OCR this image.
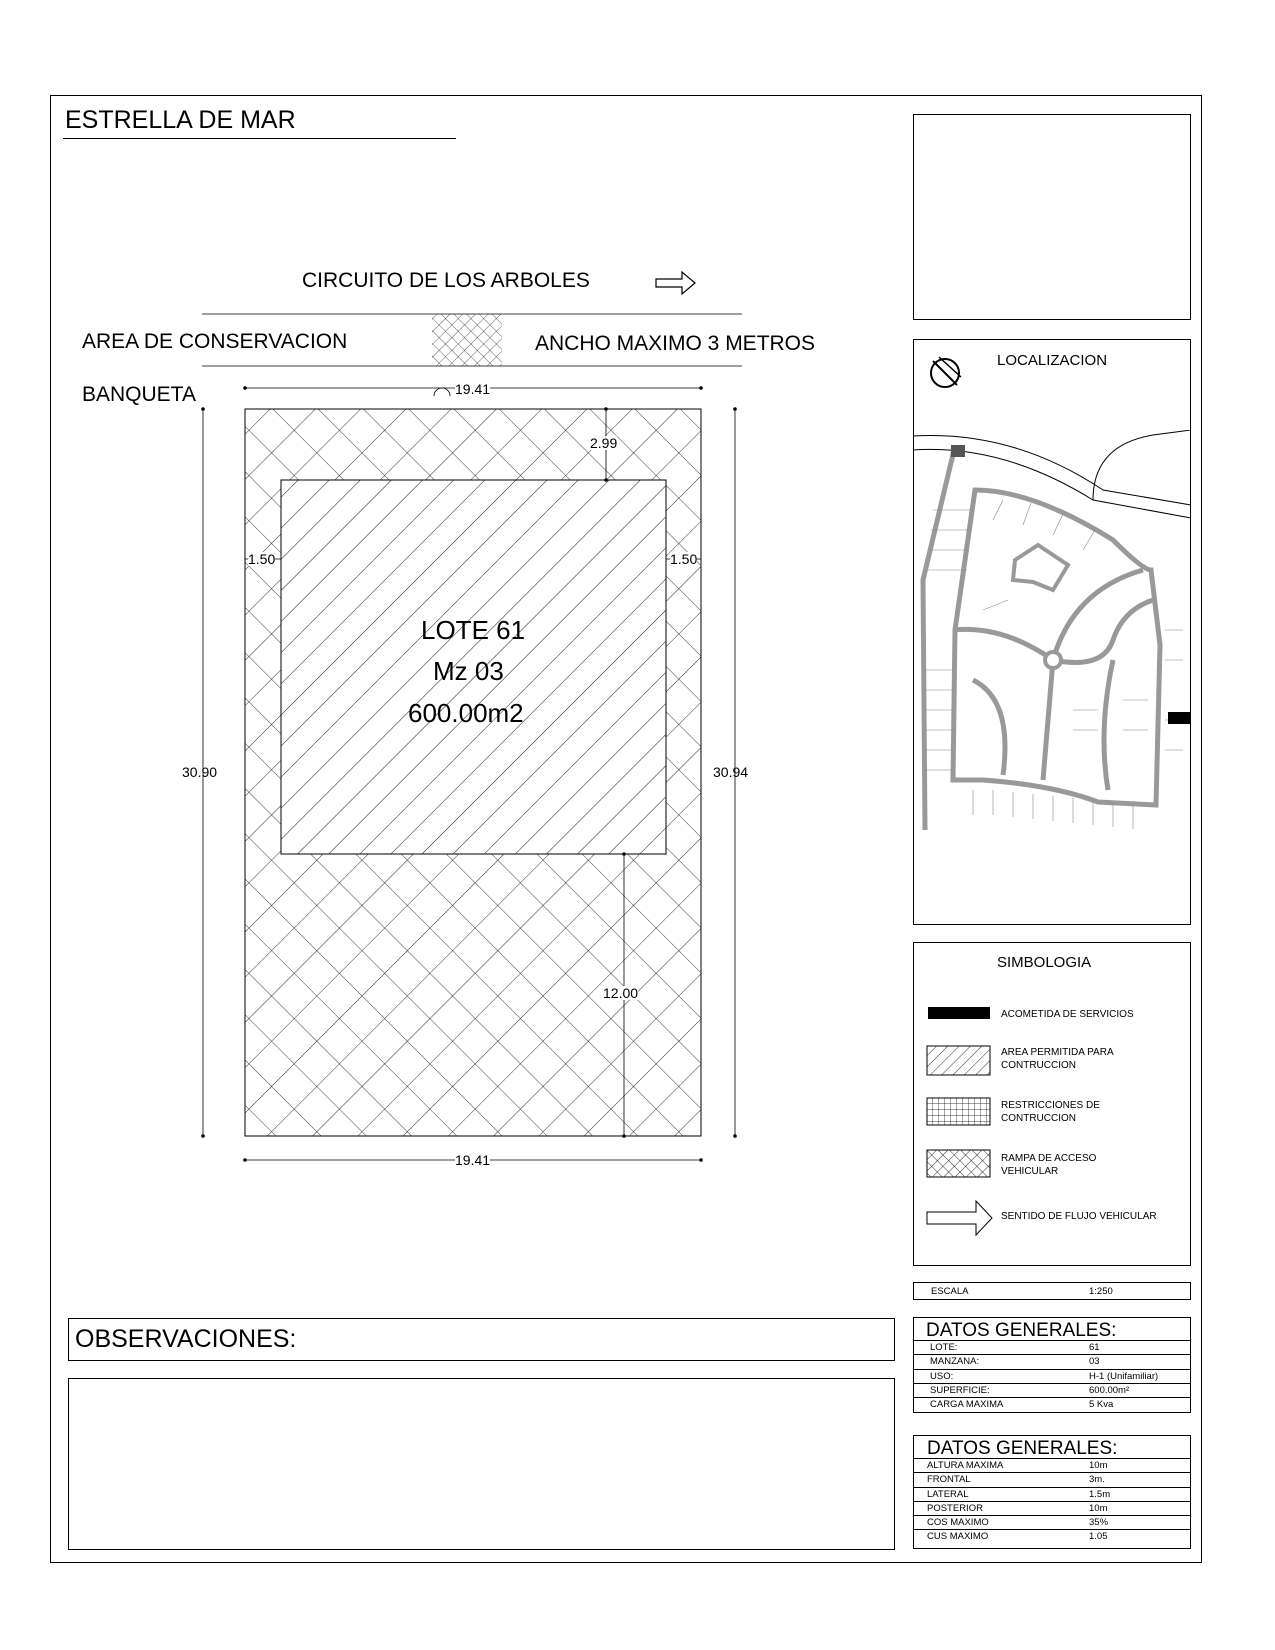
ESTRELLA DE MAR
CIRCUITO DE LOS ARBOLES
AREA DE CONSERVACION	ANCHO MAXIMO 3 METROS
BANQUETA	19.41
19.41
30.90	30.94
2.99
1.50	1.50
12.00
LOTE 61
Mz 03
600.00m2
LOCALIZACION
SIMBOLOGIA
ACOMETIDA DE SERVICIOS
AREA PERMITIDA PARA
CONTRUCCION
RESTRICCIONES DE
CONTRUCCION
RAMPA DE ACCESO
VEHICULAR
SENTIDO DE FLUJO VEHICULAR
ESCALA	1:250
DATOS GENERALES:
LOTE:	61
MANZANA:	03
USO:	H-1 (Unifamiliar)
SUPERFICIE:	600.00m²
CARGA MAXIMA	5 Kva
DATOS GENERALES:
ALTURA MAXIMA	10m
FRONTAL	3m.
LATERAL	1.5m
POSTERIOR	10m
COS MAXIMO	35%
CUS MAXIMO	1.05
OBSERVACIONES:
